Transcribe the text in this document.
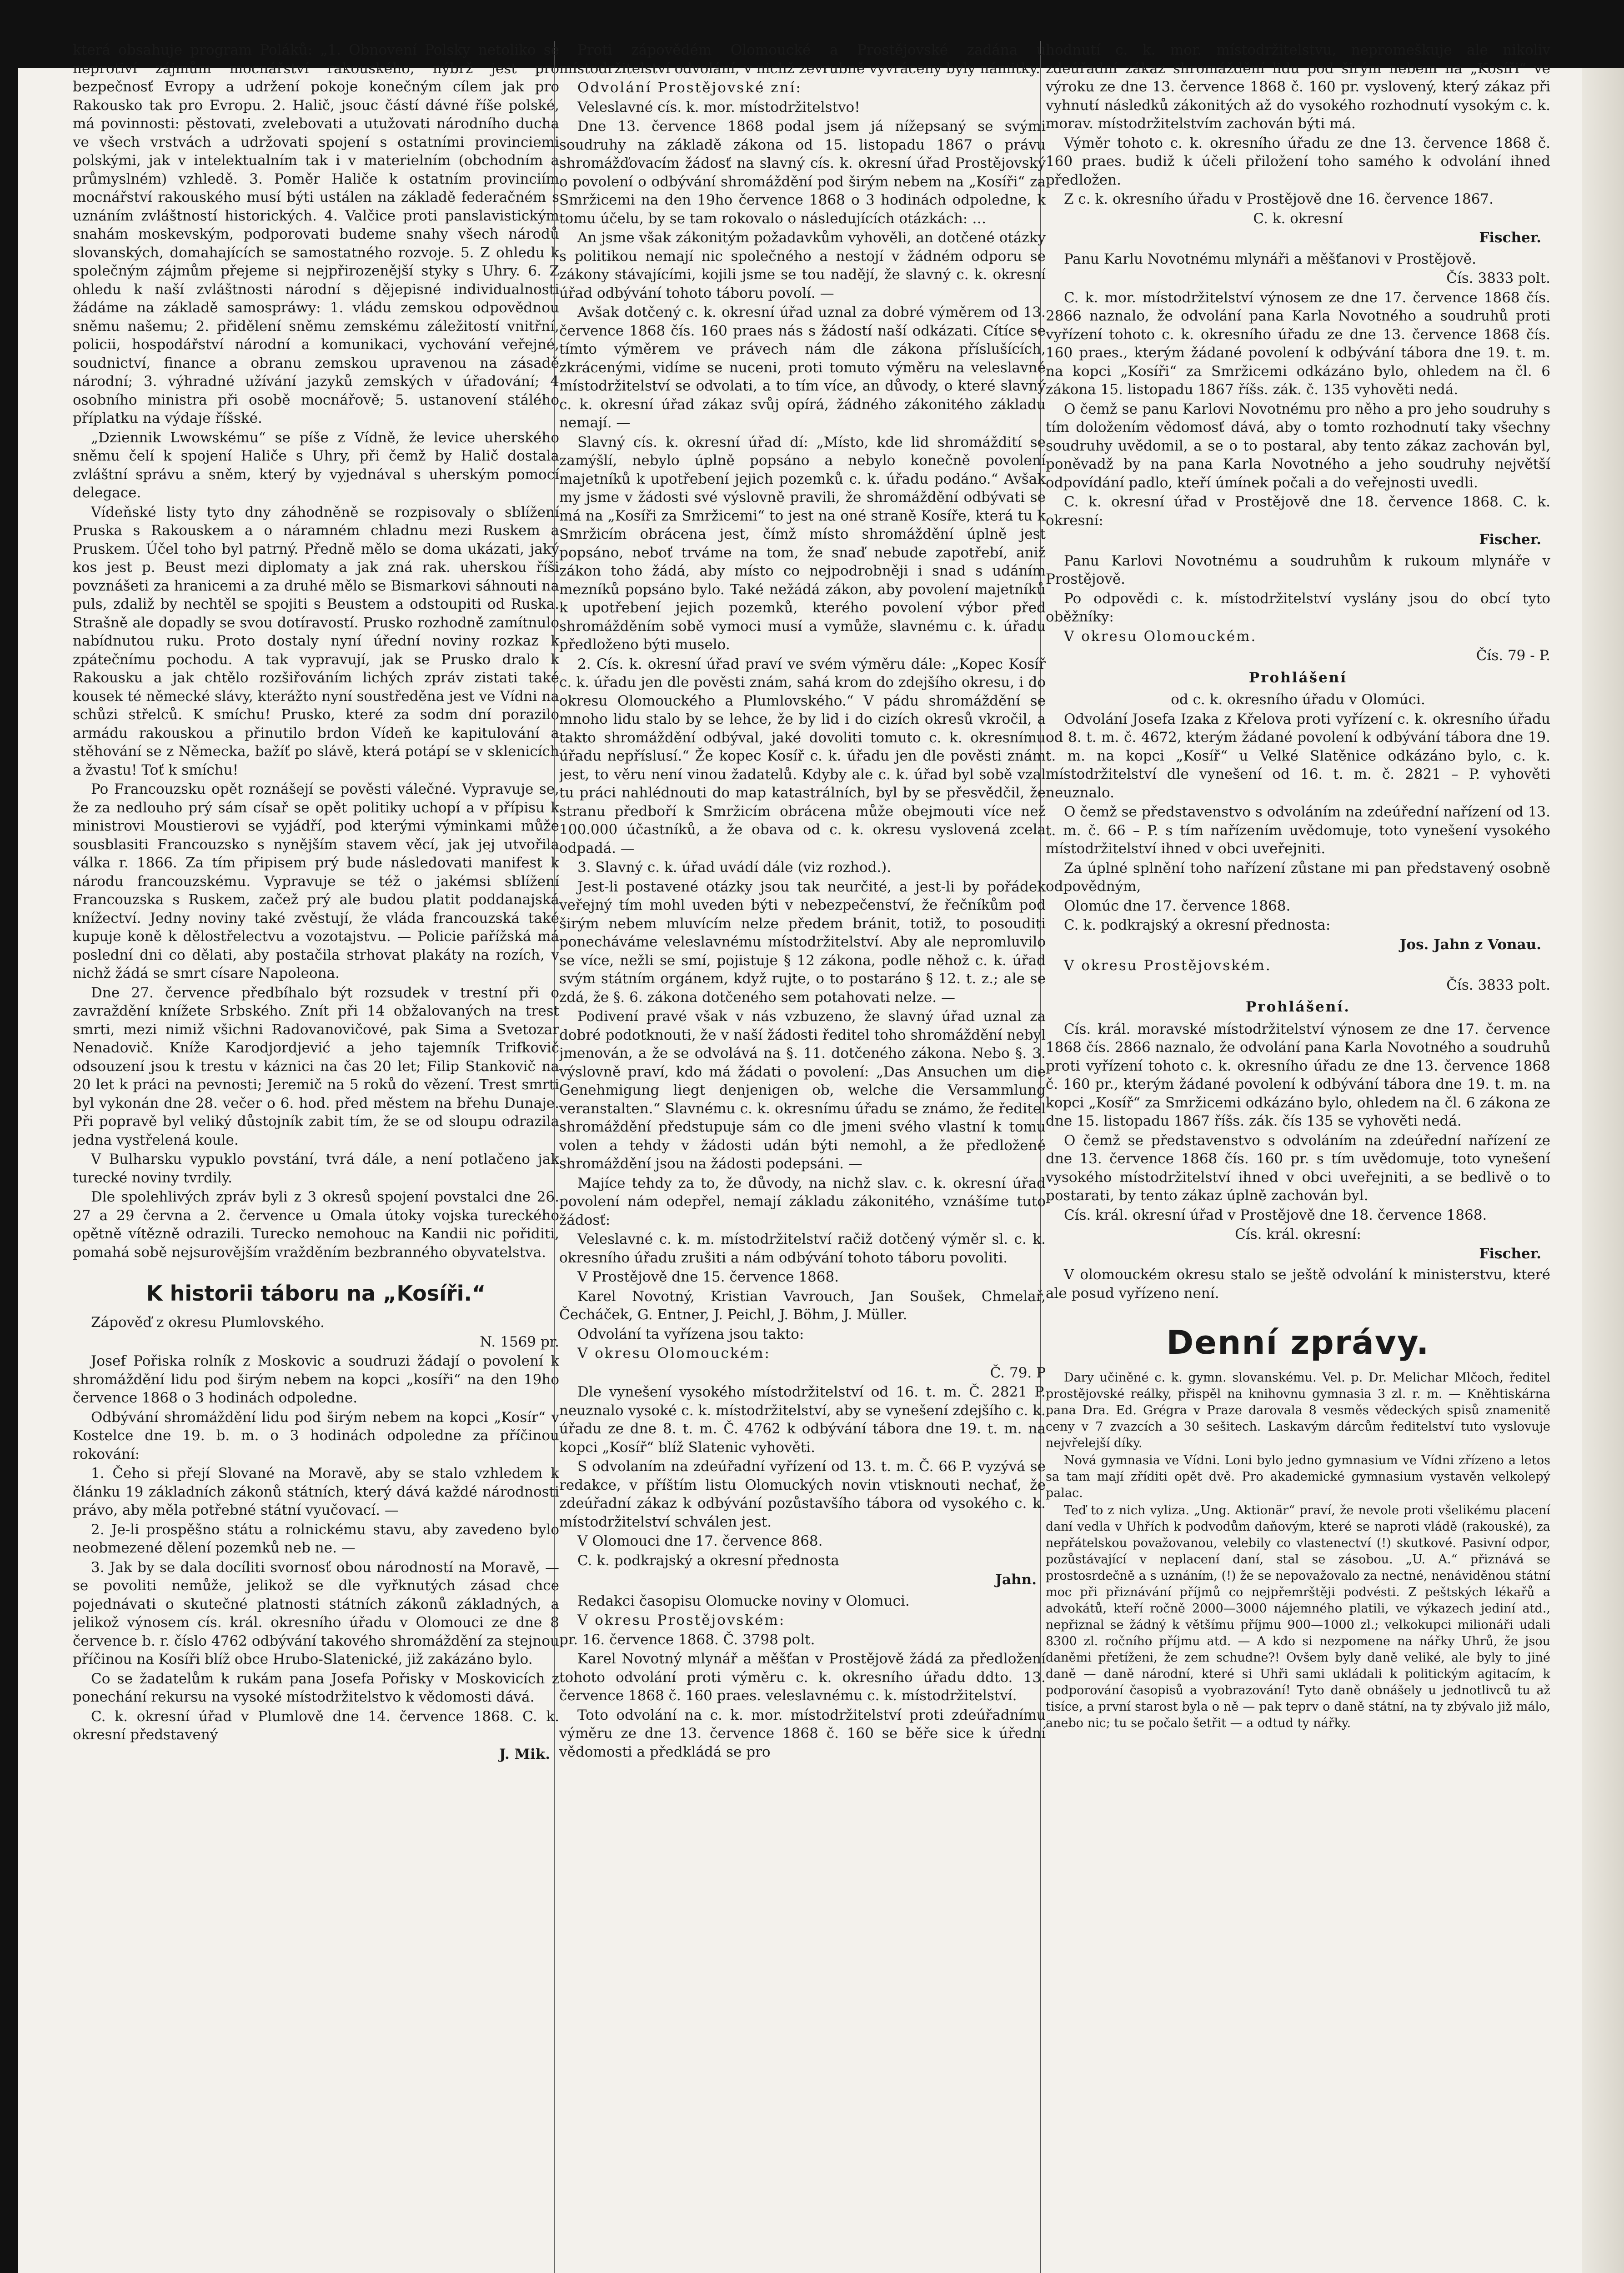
která obsahuje program Poláků: „1. Obnovení Polsky netoliko se neprotiví zájmům mocnářství rakouského, nýbrž jest pro bezpečnosť Evropy a udržení pokoje konečným cílem jak pro Rakousko tak pro Evropu. 2. Halič, jsouc částí dávné říše polské, má povinnosti: pěstovati, zvelebovati a utužovati národního ducha ve všech vrstvách a udržovati spojení s ostatními provinciemi polskými, jak v intelektualním tak i v materielním (obchodním a průmyslném) vzhledě. 3. Poměr Haliče k ostatním provinciím mocnářství rakouského musí býti ustálen na základě federačném s uznáním zvláštností historických. 4. Valčice proti panslavistickým snahám moskevským, podporovati budeme snahy všech národů slovanských, domahajících se samostatného rozvoje. 5. Z ohledu k společným zájmům přejeme si nejpřirozenější styky s Uhry. 6. Z ohledu k naší zvláštnosti národní s dějepisné individualnosti žádáme na základě samospráwy: 1. vládu zemskou odpovědnou sněmu našemu; 2. přidělení sněmu zemskému záležitostí vnitřní, policii, hospodářství národní a komunikaci, vychování veřejné, soudnictví, finance a obranu zemskou upravenou na zásadě národní; 3. výhradné užívání jazyků zemských v úřadování; 4 osobního ministra při osobě mocnářově; 5. ustanovení stálého příplatku na výdaje říšské.

„Dziennik Lwowskému“ se píše z Vídně, že levice uherského sněmu čelí k spojení Haliče s Uhry, při čemž by Halič dostala zvláštní správu a sněm, který by vyjednával s uherským pomocí delegace.

Vídeňské listy tyto dny záhodněně se rozpisovaly o sblížení Pruska s Rakouskem a o náramném chladnu mezi Ruskem a Pruskem. Účel toho byl patrný. Předně mělo se doma ukázati, jaký kos jest p. Beust mezi diplomaty a jak zná rak. uherskou říši povznášeti za hranicemi a za druhé mělo se Bismarkovi sáhnouti na puls, zdaliž by nechtěl se spojiti s Beustem a odstoupiti od Ruska. Strašně ale dopadly se svou dotíravostí. Prusko rozhodně zamítnulo nabídnutou ruku. Proto dostaly nyní úřední noviny rozkaz k zpátečnímu pochodu. A tak vypravují, jak se Prusko dralo k Rakousku a jak chtělo rozšiřováním lichých zpráv zistati také kousek té německé slávy, kterážto nyní soustředěna jest ve Vídni na schůzi střelců. K smíchu! Prusko, které za sodm dní porazilo armádu rakouskou a přinutilo brdon Vídeň ke kapitulování a stěhování se z Německa, bažíť po slávě, která potápí se v sklenicích a žvastu! Toť k smíchu!

Po Francouzsku opět roznášejí se pověsti válečné. Vypravuje se, že za nedlouho prý sám císař se opět politiky uchopí a v přípisu k ministrovi Moustierovi se vyjádří, pod kterými výminkami může sousblasiti Francouzsko s nynějším stavem věcí, jak jej utvořila válka r. 1866. Za tím připisem prý bude následovati manifest k národu francouzskému. Vypravuje se též o jakémsi sblížení Francouzska s Ruskem, začež prý ale budou platit poddanajská knížectví. Jedny noviny také zvěstují, že vláda francouzská také kupuje koně k dělostřelectvu a vozotajstvu. — Policie pařížská má poslední dni co dělati, aby postačila strhovat plakáty na rozích, v nichž žádá se smrt císare Napoleona.

Dne 27. července předbíhalo být rozsudek v trestní při o zavraždění knížete Srbského. Znít při 14 obžalovaných na trest smrti, mezi nimiž všichni Radovanovičové, pak Sima a Svetozar Nenadovič. Kníže Karodjordjević a jeho tajemník Trifkovič odsouzení jsou k trestu v káznici na čas 20 let; Filip Stankovič na 20 let k práci na pevnosti; Jeremič na 5 roků do vězení. Trest smrti byl vykonán dne 28. večer o 6. hod. před městem na břehu Dunaje. Při popravě byl veliký důstojník zabit tím, že se od sloupu odrazila jedna vystřelená koule.

V Bulharsku vypuklo povstání, tvrá dále, a není potlačeno jak turecké noviny tvrdily.

Dle spolehlivých zpráv byli z 3 okresů spojení povstalci dne 26. 27 a 29 června a 2. července u Omala útoky vojska tureckého opětně vítězně odrazili. Turecko nemohouc na Kandii nic pořiditi, pomahá sobě nejsurovějším vražděním bezbranného obyvatelstva.

K historii táboru na „Kosíři.“

Zápověď z okresu Plumlovského.

N. 1569 pr.

Josef Pořiska rolník z Moskovic a soudruzi žádají o povolení k shromáždění lidu pod širým nebem na kopci „kosíři“ na den 19ho července 1868 o 3 hodinách odpoledne.

Odbývání shromáždění lidu pod širým nebem na kopci „Kosír“ v Kostelce dne 19. b. m. o 3 hodinách odpoledne za příčinou rokování:

1. Čeho si přejí Slované na Moravě, aby se stalo vzhledem k článku 19 základních zákonů státních, který dává každé národnosti právo, aby měla potřebné státní vyučovací. —

2. Je-li prospěšno státu a rolnickému stavu, aby zavedeno bylo neobmezené dělení pozemků neb ne. —

3. Jak by se dala docíliti svornosť obou národností na Moravě, — se povoliti nemůže, jelikož se dle vyřknutých zásad chce pojednávati o skutečné platnosti státních zákonů základných, a jelikož výnosem cís. král. okresního úřadu v Olomouci ze dne 8 července b. r. číslo 4762 odbývání takového shromáždění za stejnou příčinou na Kosíři blíž obce Hrubo-Slatenické, již zakázáno bylo.

Co se žadatelům k rukám pana Josefa Pořisky v Moskovicích z ponechání rekursu na vysoké místodržitelstvo k vědomosti dává.

C. k. okresní úřad v Plumlově dne 14. července 1868. C. k. okresní představený

J. Mik.

Proti zápovědém Olomoucké a Prostějovské zadána u místodržitelství odvolání, v nichž zevrubně vyvráceny byly námitky.

Odvolání Prostějovské zní:

Veleslavné cís. k. mor. místodržitelstvo!

Dne 13. července 1868 podal jsem já nížepsaný se svými soudruhy na základě zákona od 15. listopadu 1867 o právu shromážďovacím žádosť na slavný cís. k. okresní úřad Prostějovský o povolení o odbývání shromáždění pod širým nebem na „Kosíři“ za Smržicemi na den 19ho července 1868 o 3 hodinách odpoledne, k tomu účelu, by se tam rokovalo o následujících otázkách: …

An jsme však zákonitým požadavkům vyhověli, an dotčené otázky s politikou nemají nic společného a nestojí v žádném odporu se zákony stávajícími, kojili jsme se tou nadějí, že slavný c. k. okresní úřad odbývání tohoto táboru povolí. —

Avšak dotčený c. k. okresní úřad uznal za dobré výměrem od 13. července 1868 čís. 160 praes nás s žádostí naší odkázati. Cítíce se tímto výměrem ve právech nám dle zákona příslušících, zkrácenými, vidíme se nuceni, proti tomuto výměru na veleslavné místodržitelství se odvolati, a to tím více, an důvody, o které slavný c. k. okresní úřad zákaz svůj opírá, žádného zákonitého základu nemají. —

Slavný cís. k. okresní úřad dí: „Místo, kde lid shromáždití se zamýšlí, nebylo úplně popsáno a nebylo konečně povolení majetníků k upotřebení jejich pozemků c. k. úřadu podáno.“ Avšak my jsme v žádosti své výslovně pravili, že shromáždění odbývati se má na „Kosíři za Smržicemi“ to jest na oné straně Kosíře, která tu k Smržicím obrácena jest, čímž místo shromáždění úplně jest popsáno, neboť trváme na tom, že snaď nebude zapotřebí, aniž zákon toho žádá, aby místo co nejpodrobněji i snad s udáním mezníků popsáno bylo. Také nežádá zákon, aby povolení majetníků k upotřebení jejich pozemků, kterého povolení výbor před shromážděním sobě vymoci musí a vymůže, slavnému c. k. úřadu předloženo býti muselo.

2. Cís. k. okresní úřad praví ve svém výměru dále: „Kopec Kosíř c. k. úřadu jen dle pověsti znám, sahá krom do zdejšího okresu, i do okresu Olomouckého a Plumlovského.“ V pádu shromáždění se mnoho lidu stalo by se lehce, že by lid i do cizích okresů vkročil, a takto shromáždění odbýval, jaké dovoliti tomuto c. k. okresnímu úřadu nepříslusí.“ Že kopec Kosíř c. k. úřadu jen dle pověsti znám jest, to věru není vinou žadatelů. Kdyby ale c. k. úřad byl sobě vzal tu práci nahlédnouti do map katastrálních, byl by se přesvědčil, že stranu předboří k Smržicím obrácena může obejmouti více než 100.000 účastníků, a že obava od c. k. okresu vyslovená zcela odpadá. —

3. Slavný c. k. úřad uvádí dále (viz rozhod.).

Jest-li postavené otázky jsou tak neurčité, a jest-li by pořádek veřejný tím mohl uveden býti v nebezpečenství, že řečníkům pod širým nebem mluvícím nelze předem bránit, totiž, to posouditi ponecháváme veleslavnému místodržitelství. Aby ale nepromluvilo se více, nežli se smí, pojistuje § 12 zákona, podle něhož c. k. úřad svým státním orgánem, když rujte, o to postaráno § 12. t. z.; ale se zdá, že §. 6. zákona dotčeného sem potahovati nelze. —

Podivení pravé však v nás vzbuzeno, že slavný úřad uznal za dobré podotknouti, že v naší žádosti ředitel toho shromáždění nebyl jmenován, a že se odvolává na §. 11. dotčeného zákona. Nebo §. 3. výslovně praví, kdo má žádati o povolení: „Das Ansuchen um die Genehmigung liegt denjenigen ob, welche die Versammlung veranstalten.“ Slavnému c. k. okresnímu úřadu se známo, že ředitel shromáždění předstupuje sám co dle jmeni svého vlastní k tomu volen a tehdy v žádosti udán býti nemohl, a že předložené shromáždění jsou na žádosti podepsáni. —

Majíce tehdy za to, že důvody, na nichž slav. c. k. okresní úřad povolení nám odepřel, nemají základu zákonitého, vznášíme tuto žádosť:

Veleslavné c. k. m. místodržitelství račiž dotčený výměr sl. c. k. okresního úřadu zrušiti a nám odbývání tohoto táboru povoliti.

V Prostějově dne 15. července 1868.

Karel Novotný, Kristian Vavrouch, Jan Soušek, Chmelař, Čecháček, G. Entner, J. Peichl, J. Böhm, J. Müller.

Odvolání ta vyřízena jsou takto:

V okresu Olomouckém:

Č. 79. P

Dle vynešení vysokého místodržitelství od 16. t. m. Č. 2821 P. neuznalo vysoké c. k. místodržitelství, aby se vynešení zdejšího c. k. úřadu ze dne 8. t. m. Č. 4762 k odbývání tábora dne 19. t. m. na kopci „Kosíř“ blíž Slatenic vyhověti.

S odvolaním na zdeúřadní vyřízení od 13. t. m. Č. 66 P. vyzývá se redakce, v příštím listu Olomuckých novin vtisknouti nechať, že zdeúřadní zákaz k odbývání pozůstavšího tábora od vysokého c. k. místodržitelství schválen jest.

V Olomouci dne 17. července 868.

C. k. podkrajský a okresní přednosta

Jahn.

Redakci časopisu Olomucke noviny v Olomuci.

V okresu Prostějovském:

pr. 16. července 1868. Č. 3798 polt.

Karel Novotný mlynář a měšťan v Prostějově žádá za předložení tohoto odvolání proti výměru c. k. okresního úřadu ddto. 13. července 1868 č. 160 praes. veleslavnému c. k. místodržitelství.

Toto odvolání na c. k. mor. místodržitelství proti zdeúřadnímu výměru ze dne 13. července 1868 č. 160 se běře sice k úřední vědomosti a předkládá se pro

hodnutí c. k. mor. místodržitelstvu, nepromeškuje ale nikoliv zdeúřadní zákaz shromáždění lidu pod širým nebem na „Kosíři“ ve výroku ze dne 13. července 1868 č. 160 pr. vyslovený, který zákaz při vyhnutí následků zákonitých až do vysokého rozhodnutí vysokým c. k. morav. místodržitelstvím zachován býti má.

Výměr tohoto c. k. okresního úřadu ze dne 13. července 1868 č. 160 praes. budiž k účeli přiložení toho samého k odvolání ihned předložen.

Z c. k. okresního úřadu v Prostějově dne 16. července 1867.

C. k. okresní

Fischer.

Panu Karlu Novotnému mlynáři a měšťanovi v Prostějově.

Čís. 3833 polt.

C. k. mor. místodržitelství výnosem ze dne 17. července 1868 čís. 2866 naznalo, že odvolání pana Karla Novotného a soudruhů proti vyřízení tohoto c. k. okresního úřadu ze dne 13. července 1868 čís. 160 praes., kterým žádané povolení k odbývání tábora dne 19. t. m. na kopci „Kosíři“ za Smržicemi odkázáno bylo, ohledem na čl. 6 zákona 15. listopadu 1867 říšs. zák. č. 135 vyhověti nedá.

O čemž se panu Karlovi Novotnému pro něho a pro jeho soudruhy s tím doložením vědomosť dává, aby o tomto rozhodnutí taky všechny soudruhy uvědomil, a se o to postaral, aby tento zákaz zachován byl, poněvadž by na pana Karla Novotného a jeho soudruhy největší odpovídání padlo, kteří úmínek počali a do veřejnosti uvedli.

C. k. okresní úřad v Prostějově dne 18. července 1868. C. k. okresní:

Fischer.

Panu Karlovi Novotnému a soudruhům k rukoum mlynáře v Prostějově.

Po odpovědi c. k. místodržitelství vyslány jsou do obcí tyto oběžníky:

V okresu Olomouckém.

Čís. 79 - P.

Prohlášení

od c. k. okresního úřadu v Olomúci.

Odvolání Josefa Izaka z Křelova proti vyřízení c. k. okresního úřadu od 8. t. m. č. 4672, kterým žádané povolení k odbývání tábora dne 19. t. m. na kopci „Kosíř“ u Velké Slatěnice odkázáno bylo, c. k. místodržitelství dle vynešení od 16. t. m. č. 2821 – P. vyhověti neuznalo.

O čemž se představenstvo s odvoláním na zdeúřední nařízení od 13. t. m. č. 66 – P. s tím nařízením uvědomuje, toto vynešení vysokého místodržitelství ihned v obci uveřejniti.

Za úplné splnění toho nařízení zůstane mi pan představený osobně odpovědným,

Olomúc dne 17. července 1868.

C. k. podkrajský a okresní přednosta:

Jos. Jahn z Vonau.

V okresu Prostějovském.

Čís. 3833 polt.

Prohlášení.

Cís. král. moravské místodržitelství výnosem ze dne 17. července 1868 čís. 2866 naznalo, že odvolání pana Karla Novotného a soudruhů proti vyřízení tohoto c. k. okresního úřadu ze dne 13. července 1868 č. 160 pr., kterým žádané povolení k odbývání tábora dne 19. t. m. na kopci „Kosíř“ za Smržicemi odkázáno bylo, ohledem na čl. 6 zákona ze dne 15. listopadu 1867 říšs. zák. čís 135 se vyhověti nedá.

O čemž se představenstvo s odvoláním na zdeúřední nařízení ze dne 13. července 1868 čís. 160 pr. s tím uvědomuje, toto vynešení vysokého místodržitelství ihned v obci uveřejniti, a se bedlivě o to postarati, by tento zákaz úplně zachován byl.

Cís. král. okresní úřad v Prostějově dne 18. července 1868.

Cís. král. okresní:

Fischer.

V olomouckém okresu stalo se ještě odvolání k ministerstvu, které ale posud vyřízeno není.

Denní zprávy.

Dary učiněné c. k. gymn. slovanskému. Vel. p. Dr. Melichar Mlčoch, ředitel prostějovské reálky, přispěl na knihovnu gymnasia 3 zl. r. m. — Kněhtiskárna pana Dra. Ed. Grégra v Praze darovala 8 vesměs vědeckých spisů znamenitě ceny v 7 zvazcích a 30 sešitech. Laskavým dárcům ředitelství tuto vyslovuje nejvřelejší díky.

Nová gymnasia ve Vídni. Loni bylo jedno gymnasium ve Vídni zřízeno a letos sa tam mají zříditi opět dvě. Pro akademické gymnasium vystavěn velkolepý palac.

Teď to z nich vyliza. „Ung. Aktionär“ praví, že nevole proti všelikému placení daní vedla v Uhřích k podvodům daňovým, které se naproti vládě (rakouské), za nepřátelskou považovanou, velebily co vlastenectví (!) skutkové. Pasivní odpor, pozůstávající v neplacení daní, stal se zásobou. „U. A.“ přiznává se prostosrdečně a s uznáním, (!) že se nepovažovalo za nectné, nenáviděnou státní moc při přiznávání příjmů co nejpřemrštěji podvésti. Z peštských lékařů a advokátů, kteří ročně 2000—3000 nájemného platili, ve výkazech jediní atd., nepřiznal se žádný k většímu příjmu 900—1000 zl.; velkokupci milionáři udali 8300 zl. ročního příjmu atd. — A kdo si nezpomene na nářky Uhrů, že jsou daněmi přetíženi, že zem schudne?! Ovšem byly daně veliké, ale byly to jiné daně — daně národní, které si Uhři sami ukládali k politickým agitacím, k podporování časopisů a vyobrazování! Tyto daně obnášely u jednotlivců tu až tisíce, a první starost byla o ně — pak teprv o daně státní, na ty zbývalo již málo, anebo nic; tu se počalo šetřit — a odtud ty nářky.
